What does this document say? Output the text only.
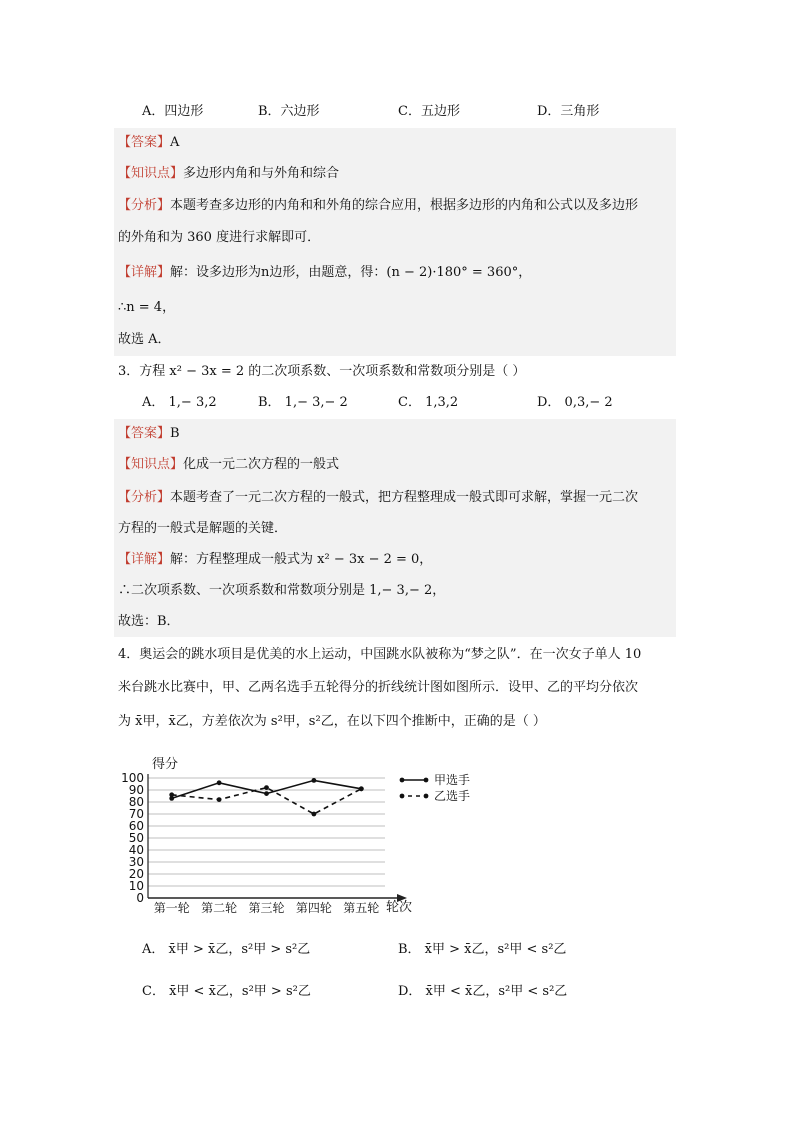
A．四边形	B．六边形	C．五边形	D．三角形
【答案】A
【知识点】多边形内角和与外角和综合
【分析】本题考查多边形的内角和和外角的综合应用，根据多边形的内角和公式以及多边形
的外角和为 360 度进行求解即可．
【详解】解：设多边形为n边形，由题意，得：(n − 2)·180° = 360°，
∴n = 4，
故选 A．
3．方程 x² − 3x = 2 的二次项系数、一次项系数和常数项分别是（ ）
A． 1,− 3,2	B． 1,− 3,− 2	C． 1,3,2	D． 0,3,− 2
【答案】B
【知识点】化成一元二次方程的一般式
【分析】本题考查了一元二次方程的一般式，把方程整理成一般式即可求解，掌握一元二次
方程的一般式是解题的关键．
【详解】解：方程整理成一般式为 x² − 3x − 2 = 0，
∴二次项系数、一次项系数和常数项分别是 1,− 3,− 2，
故选：B．
4．奥运会的跳水项目是优美的水上运动，中国跳水队被称为“梦之队”．在一次女子单人 10
米台跳水比赛中，甲、乙两名选手五轮得分的折线统计图如图所示．设甲、乙的平均分依次
为 x̄甲，x̄乙，方差依次为 s²甲，s²乙，在以下四个推断中，正确的是（ ）
0
10
20
30
40
50
60
70
80
90
100
第一轮 第二轮 第三轮 第四轮 第五轮
甲选手
乙选手
得分
轮次
A． x̄甲 > x̄乙，s²甲 > s²乙	B． x̄甲 > x̄乙，s²甲 < s²乙
C． x̄甲 < x̄乙，s²甲 > s²乙	D． x̄甲 < x̄乙，s²甲 < s²乙
